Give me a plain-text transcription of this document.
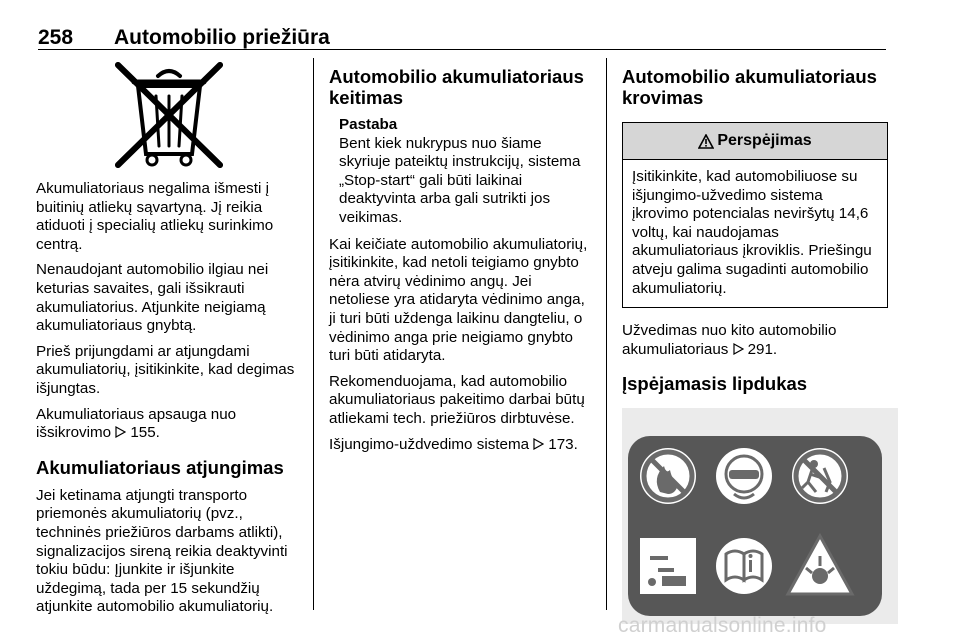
258 Automobilio priežiūra

Akumuliatoriaus negalima išmesti į buitinių atliekų sąvartyną. Jį reikia atiduoti į specialių atliekų surinkimo centrą.

Nenaudojant automobilio ilgiau nei keturias savaites, gali išsikrauti akumuliatorius. Atjunkite neigiamą akumuliatoriaus gnybtą.

Prieš prijungdami ar atjungdami akumuliatorių, įsitikinkite, kad degimas išjungtas.

Akumuliatoriaus apsauga nuo išsikrovimo 155.

Akumuliatoriaus atjungimas

Jei ketinama atjungti transporto priemonės akumuliatorių (pvz., techninės priežiūros darbams atlikti), signalizacijos sireną reikia deaktyvinti tokiu būdu: Įjunkite ir išjunkite uždegimą, tada per 15 sekundžių atjunkite automobilio akumuliatorių.

Automobilio akumuliatoriaus keitimas
Pastaba
Bent kiek nukrypus nuo šiame skyriuje pateiktų instrukcijų, sistema „Stop-start“ gali būti laikinai deaktyvinta arba gali sutrikti jos veikimas.

Kai keičiate automobilio akumuliatorių, įsitikinkite, kad netoli teigiamo gnybto nėra atvirų vėdinimo angų. Jei netoliese yra atidaryta vėdinimo anga, ji turi būti uždenga laikinu dangteliu, o vėdinimo anga prie neigiamo gnybto turi būti atidaryta.

Rekomenduojama, kad automobilio akumuliatoriaus pakeitimo darbai būtų atliekami tech. priežiūros dirbtuvėse.

Išjungimo-uždvedimo sistema 173.

Automobilio akumuliatoriaus krovimas
Perspėjimas
Įsitikinkite, kad automobiliuose su išjungimo-užvedimo sistema įkrovimo potencialas neviršytų 14,6 voltų, kai naudojamas akumuliatoriaus įkroviklis. Priešingu atveju galima sugadinti automobilio akumuliatorių.

Užvedimas nuo kito automobilio akumuliatoriaus 291.

Įspėjamasis lipdukas
carmanualsonline.info
